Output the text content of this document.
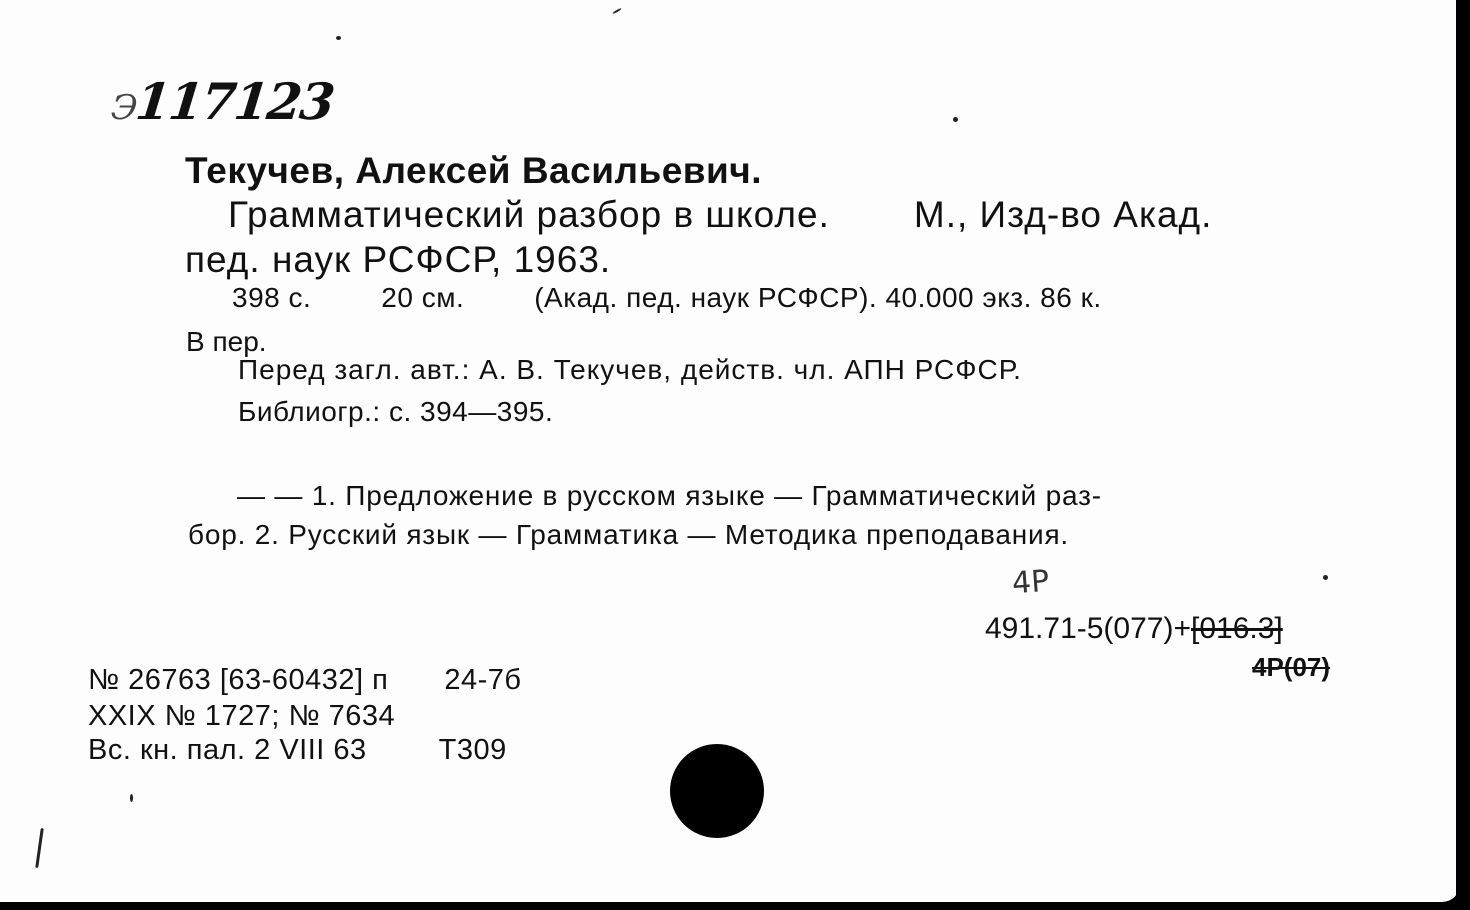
Э117123
Текучев, Алексей Васильевич.
Грамматический разбор в школе. М., Изд-во Акад.
пед. наук РСФСР, 1963.
398 с.	20 см.	(Акад. пед. наук РСФСР). 40.000 экз. 86 к.
В пер.
Перед загл. авт.: А. В. Текучев, действ. чл. АПН РСФСР.
Библиогр.: с. 394—395.
— — 1. Предложение в русском языке — Грамматический раз-
бор. 2. Русский язык — Грамматика — Методика преподавания.
4Р
491.71-5(077)+[016.3]
4Р(07)
№ 26763 [63-60432] п 24-7б
XXIX № 1727; № 7634
Вс. кн. пал. 2 VIII 63 Т309
